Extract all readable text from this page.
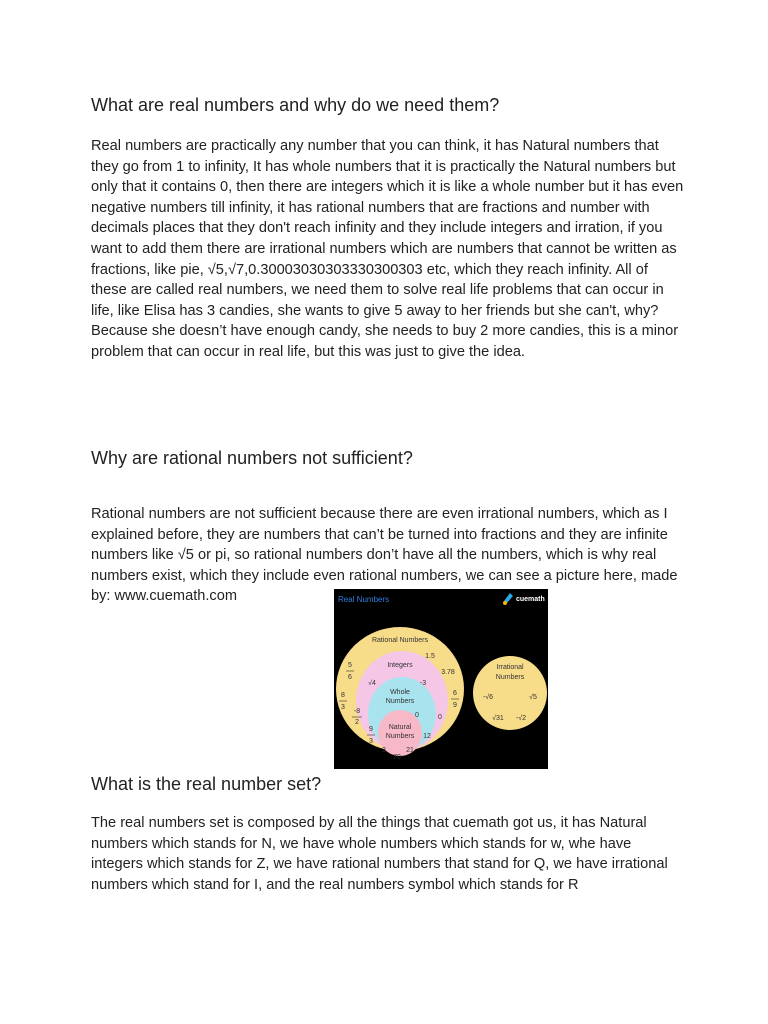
What are real numbers and why do we need them?

Real numbers are practically any number that you can think, it has Natural numbers that they go from 1 to infinity, It has whole numbers that it is practically the Natural numbers but only that it contains 0, then there are integers which it is like a whole number but it has even negative numbers till infinity, it has rational numbers that are fractions and number with decimals places that they don't reach infinity and they include integers and irration, if you want to add them there are irrational numbers which are numbers that cannot be written as fractions, like pie, √5,√7,0.30003030303330300303 etc, which they reach infinity. All of these are called real numbers, we need them to solve real life problems that can occur in life, like Elisa has 3 candies, she wants to give 5 away to her friends but she can't, why? Because she doesn’t have enough candy, she needs to buy 2 more candies, this is a minor problem that can occur in real life, but this was just to give the idea.

Why are rational numbers not sufficient?

Rational numbers are not sufficient because there are even irrational numbers, which as I explained before, they are numbers that can’t be turned into fractions and they are infinite numbers like √5 or pi, so rational numbers don’t have all the numbers, which is why real numbers exist, which they include even rational numbers, we can see a picture here, made by: www.cuemath.com	Real Numbers	cuemath
Rational Numbers
1.5
3.78
6
9
5
6
8
3
-8
2
Integers
-3
√4
0
Whole
Numbers
0
9
3
12
Natural
Numbers
3	21
70
Irrational
Numbers
-√6	√5
√31 -√2
What is the real number set?

The real numbers set is composed by all the things that cuemath got us, it has Natural numbers which stands for N, we have whole numbers which stands for w, whe have integers which stands for Z, we have rational numbers that stand for Q, we have irrational numbers which stand for I, and the real numbers symbol which stands for R
